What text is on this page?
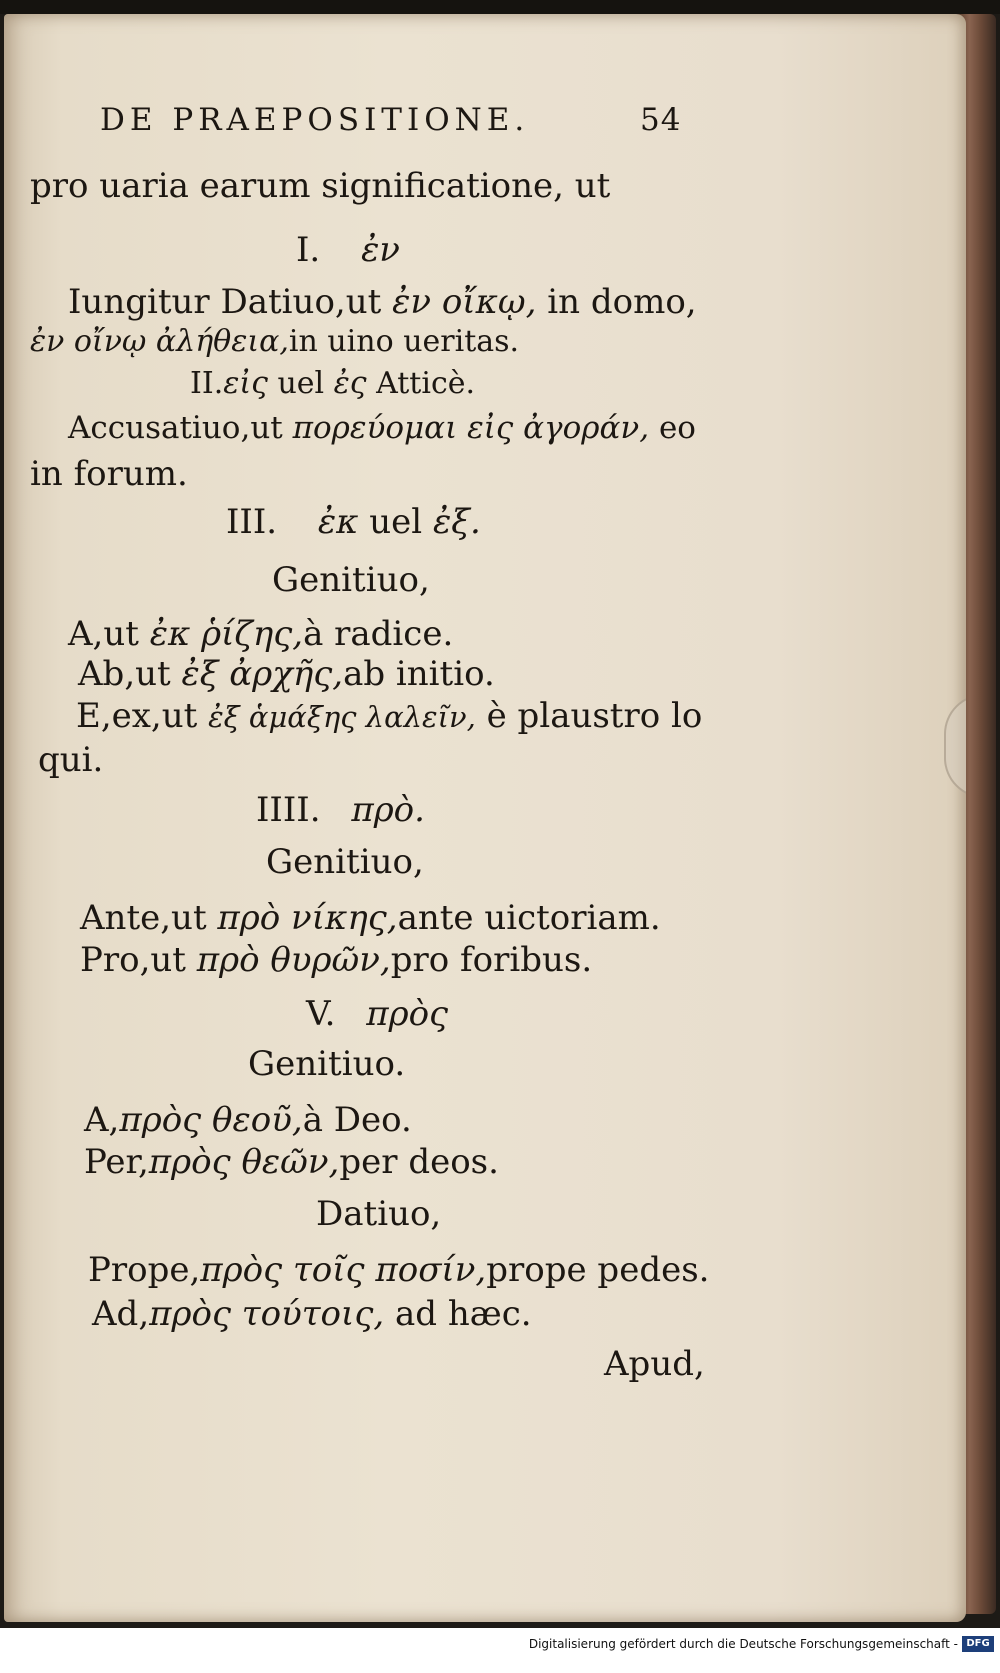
DE PRAEPOSITIONE.	54
pro uaria earum significatione, ut
I. ἐν
Iungitur Datiuo,ut ἐν οἴκῳ, in domo,
ἐν οἴνῳ ἀλήθεια,in uino ueritas.
II.εἰς uel ἐς Atticè.
Accusatiuo,ut πορεύομαι εἰς ἀγοράν, eo
in forum.
III. ἐκ uel ἐξ.
Genitiuo,
A,ut ἐκ ῥίζης,à radice.
Ab,ut ἐξ ἀρχῆς,ab initio.
E,ex,ut ἐξ ἁμάξης λαλεῖν, è plaustro lo
qui.
IIII. πρὸ.
Genitiuo,
Ante,ut πρὸ νίκης,ante uictoriam.
Pro,ut πρὸ θυρῶν,pro foribus.
V. πρὸς
Genitiuo.
A,πρὸς θεοῦ,à Deo.
Per,πρὸς θεῶν,per deos.
Datiuo,
Prope,πρὸς τοῖς ποσίν,prope pedes.
Ad,πρὸς τούτοις, ad hæc.
Apud,
Digitalisierung gefördert durch die Deutsche Forschungsgemeinschaft - DFG
